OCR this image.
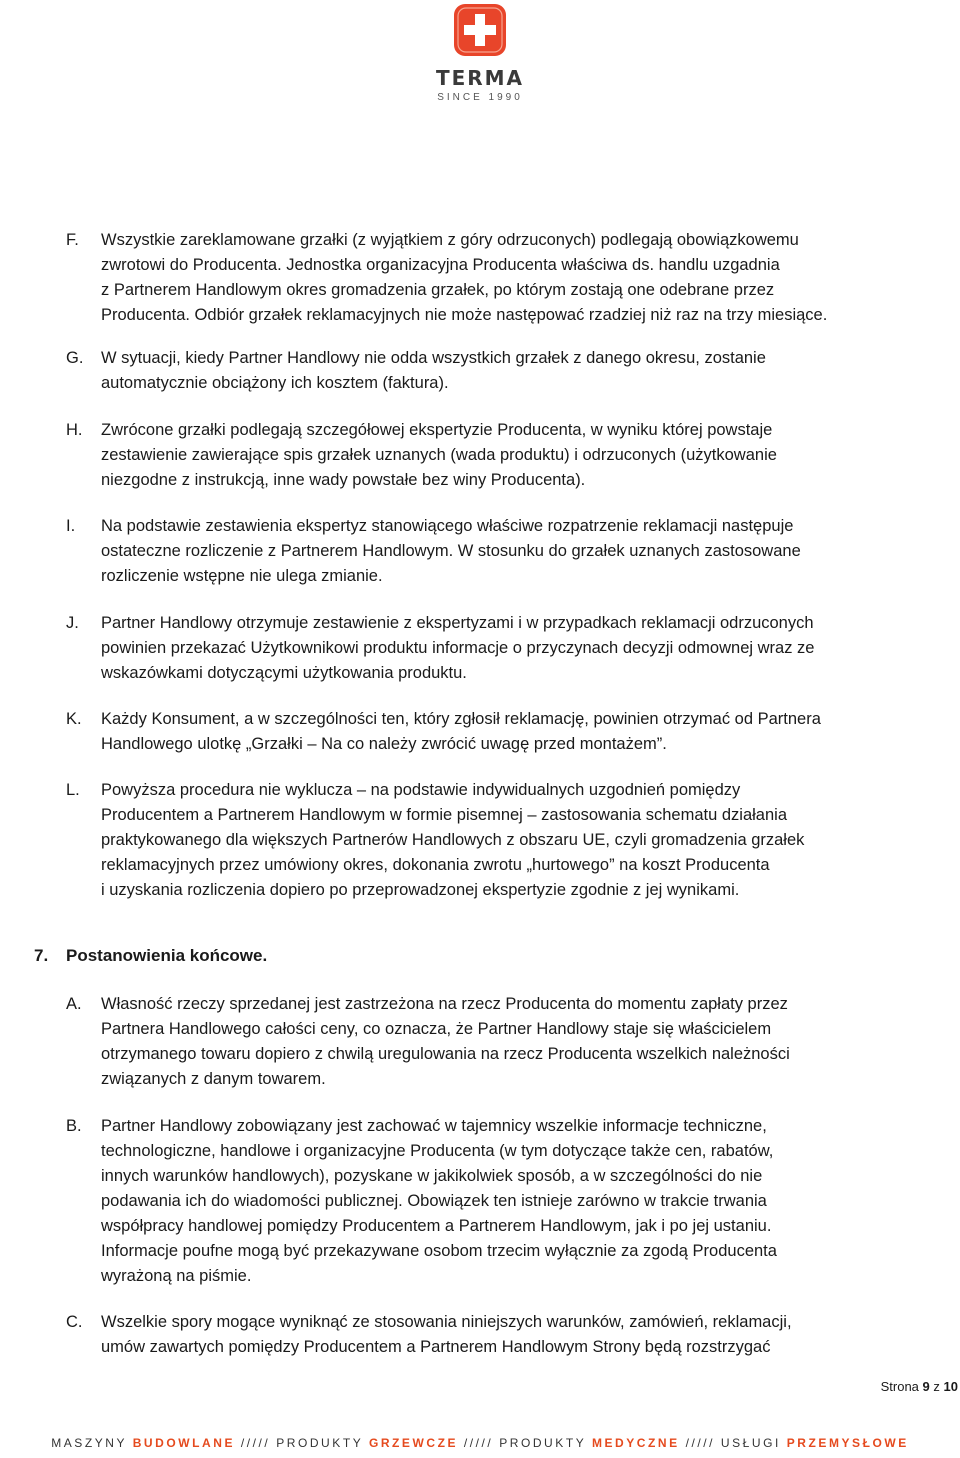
TERMA
SINCE 1990
F. Wszystkie zareklamowane grzałki (z wyjątkiem z góry odrzuconych) podlegają obowiązkowemu
zwrotowi do Producenta. Jednostka organizacyjna Producenta właściwa ds. handlu uzgadnia
z Partnerem Handlowym okres gromadzenia grzałek, po którym zostają one odebrane przez
Producenta. Odbiór grzałek reklamacyjnych nie może następować rzadziej niż raz na trzy miesiące.
G. W sytuacji, kiedy Partner Handlowy nie odda wszystkich grzałek z danego okresu, zostanie
automatycznie obciążony ich kosztem (faktura).
H. Zwrócone grzałki podlegają szczegółowej ekspertyzie Producenta, w wyniku której powstaje
zestawienie zawierające spis grzałek uznanych (wada produktu) i odrzuconych (użytkowanie
niezgodne z instrukcją, inne wady powstałe bez winy Producenta).
I. Na podstawie zestawienia ekspertyz stanowiącego właściwe rozpatrzenie reklamacji następuje
ostateczne rozliczenie z Partnerem Handlowym. W stosunku do grzałek uznanych zastosowane
rozliczenie wstępne nie ulega zmianie.
J. Partner Handlowy otrzymuje zestawienie z ekspertyzami i w przypadkach reklamacji odrzuconych
powinien przekazać Użytkownikowi produktu informacje o przyczynach decyzji odmownej wraz ze
wskazówkami dotyczącymi użytkowania produktu.
K. Każdy Konsument, a w szczególności ten, który zgłosił reklamację, powinien otrzymać od Partnera
Handlowego ulotkę „Grzałki – Na co należy zwrócić uwagę przed montażem”.
L. Powyższa procedura nie wyklucza – na podstawie indywidualnych uzgodnień pomiędzy
Producentem a Partnerem Handlowym w formie pisemnej – zastosowania schematu działania
praktykowanego dla większych Partnerów Handlowych z obszaru UE, czyli gromadzenia grzałek
reklamacyjnych przez umówiony okres, dokonania zwrotu „hurtowego” na koszt Producenta
i uzyskania rozliczenia dopiero po przeprowadzonej ekspertyzie zgodnie z jej wynikami.
7. Postanowienia końcowe.
A. Własność rzeczy sprzedanej jest zastrzeżona na rzecz Producenta do momentu zapłaty przez
Partnera Handlowego całości ceny, co oznacza, że Partner Handlowy staje się właścicielem
otrzymanego towaru dopiero z chwilą uregulowania na rzecz Producenta wszelkich należności
związanych z danym towarem.
B. Partner Handlowy zobowiązany jest zachować w tajemnicy wszelkie informacje techniczne,
technologiczne, handlowe i organizacyjne Producenta (w tym dotyczące także cen, rabatów,
innych warunków handlowych), pozyskane w jakikolwiek sposób, a w szczególności do nie
podawania ich do wiadomości publicznej. Obowiązek ten istnieje zarówno w trakcie trwania
współpracy handlowej pomiędzy Producentem a Partnerem Handlowym, jak i po jej ustaniu.
Informacje poufne mogą być przekazywane osobom trzecim wyłącznie za zgodą Producenta
wyrażoną na piśmie.
C. Wszelkie spory mogące wyniknąć ze stosowania niniejszych warunków, zamówień, reklamacji,
umów zawartych pomiędzy Producentem a Partnerem Handlowym Strony będą rozstrzygać
Strona 9 z 10
MASZYNY BUDOWLANE ///// PRODUKTY GRZEWCZE ///// PRODUKTY MEDYCZNE ///// USŁUGI PRZEMYSŁOWE
